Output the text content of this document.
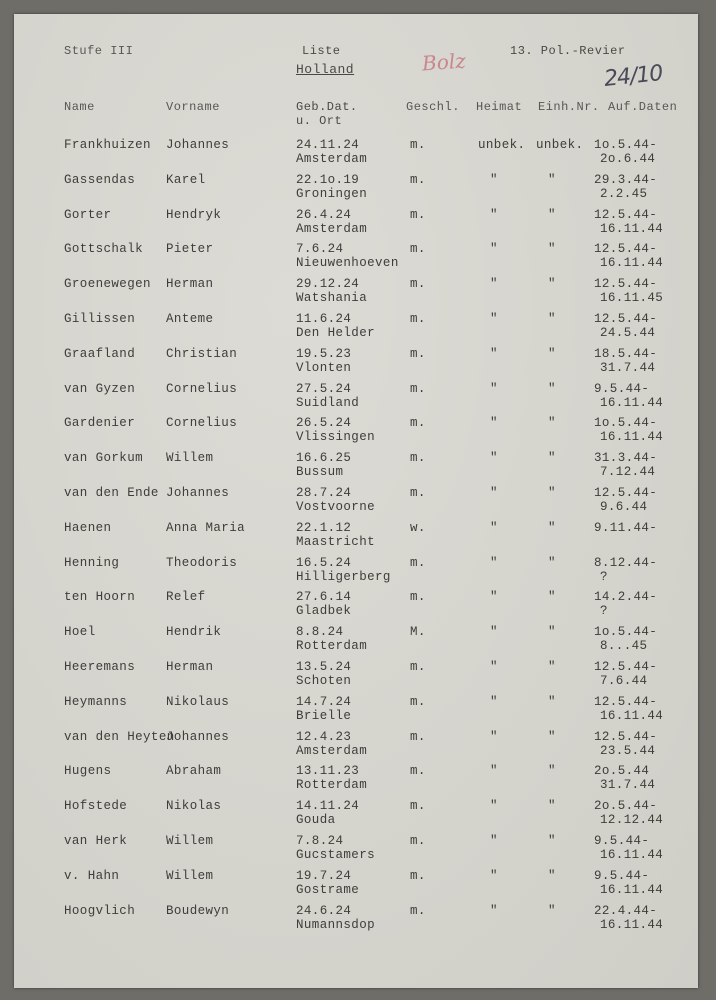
Stufe III	Liste	13. Pol.-Revier
Holland	Bolz	24/10
Name	Vorname	Geb.Dat.
u. Ort
Geschl. Heimat Einh.Nr. Auf.Daten
Frankhuizen Johannes	24.11.24
Amsterdam
m.	unbek. unbek. 1o.5.44-
2o.6.44
Gassendas Karel	22.1o.19
Groningen
m.	"	"	29.3.44-
2.2.45
Gorter	Hendryk	26.4.24
Amsterdam
m.	"	"	12.5.44-
16.11.44
Gottschalk Pieter	7.6.24
Nieuwenhoeven
m.	"	"	12.5.44-
16.11.44
Groenewegen Herman	29.12.24
Watshania
m.	"	"	12.5.44-
16.11.45
Gillissen Anteme	11.6.24
Den Helder
m.	"	"	12.5.44-
24.5.44
Graafland Christian	19.5.23
Vlonten
m.	"	"	18.5.44-
31.7.44
van Gyzen Cornelius	27.5.24
Suidland
m.	"	"	9.5.44-
16.11.44
Gardenier Cornelius	26.5.24
Vlissingen
m.	"	"	1o.5.44-
16.11.44
van Gorkum Willem	16.6.25
Bussum
m.	"	"	31.3.44-
7.12.44
van den Ende Johannes	28.7.24
Vostvoorne
m.	"	"	12.5.44-
9.6.44
Haenen	Anna Maria	22.1.12
Maastricht
w.	"	"	9.11.44-
Henning	Theodoris	16.5.24
Hilligerberg
m.	"	"	8.12.44-
?
ten Hoorn Relef	27.6.14
Gladbek
m.	"	"	14.2.44-
?
Hoel	Hendrik	8.8.24
Rotterdam
M.	"	"	1o.5.44-
8...45
Heeremans Herman	13.5.24
Schoten
m.	"	"	12.5.44-
7.6.44
Heymanns	Nikolaus	14.7.24
Brielle
m.	"	"	12.5.44-
16.11.44
van den Heyten
Johannes	12.4.23
Amsterdam
m.	"	"	12.5.44-
23.5.44
Hugens	Abraham	13.11.23
Rotterdam
m.	"	"	2o.5.44
31.7.44
Hofstede	Nikolas	14.11.24
Gouda
m.	"	"	2o.5.44-
12.12.44
van Herk	Willem	7.8.24
Gucstamers
m.	"	"	9.5.44-
16.11.44
v. Hahn	Willem	19.7.24
Gostrame
m.	"	"	9.5.44-
16.11.44
Hoogvlich Boudewyn	24.6.24
Numannsdop
m.	"	"	22.4.44-
16.11.44
